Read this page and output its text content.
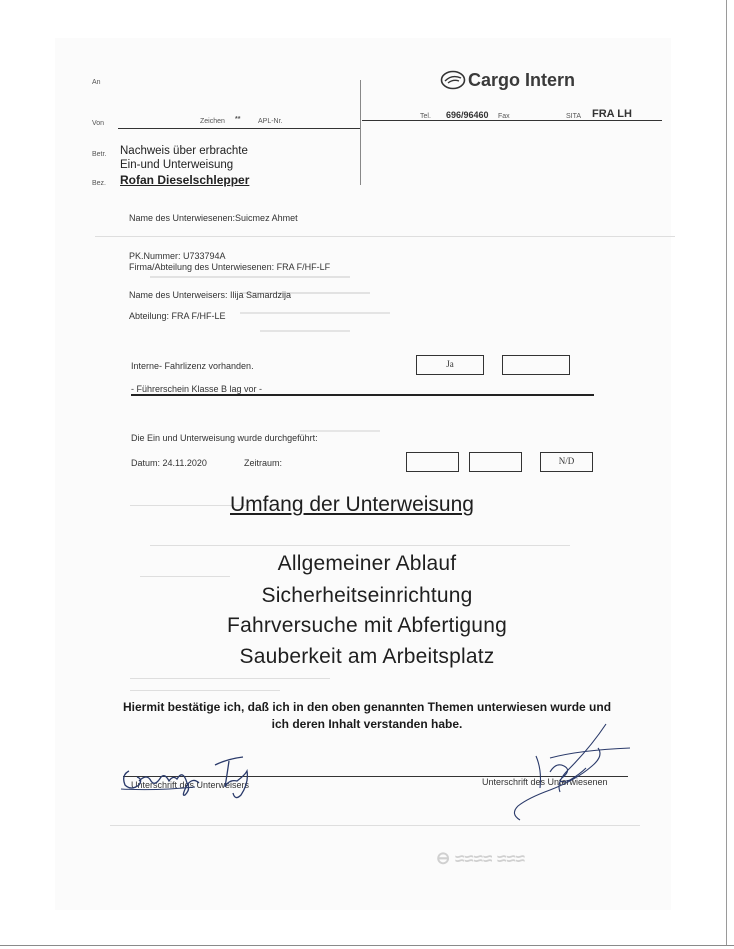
An	Cargo Intern
Von	Zeichen **	APL-Nr.
Tel. 696/96460 Fax	SITA FRA LH
Betr. Nachweis über erbrachte
Ein-und Unterweisung
Bez. Rofan Dieselschlepper
Name des Unterwiesenen:Suicmez Ahmet
PK.Nummer: U733794A
Firma/Abteilung des Unterwiesenen: FRA F/HF-LF
Name des Unterweisers: Ilija Samardzija
Abteilung: FRA F/HF-LE
Interne- Fahrlizenz vorhanden.	Ja
- Führerschein Klasse B lag vor -
Die Ein und Unterweisung wurde durchgeführt:
Datum: 24.11.2020	Zeitraum:	N/D
Umfang der Unterweisung
Allgemeiner Ablauf
Sicherheitseinrichtung
Fahrversuche mit Abfertigung
Sauberkeit am Arbeitsplatz
Hiermit bestätige ich, daß ich in den oben genannten Themen unterwiesen wurde und
ich deren Inhalt verstanden habe.
Unterschrift des Unterweisers	Unterschrift des Unterwiesenen
⊖ ≈≈≈≈ ≈≈≈
